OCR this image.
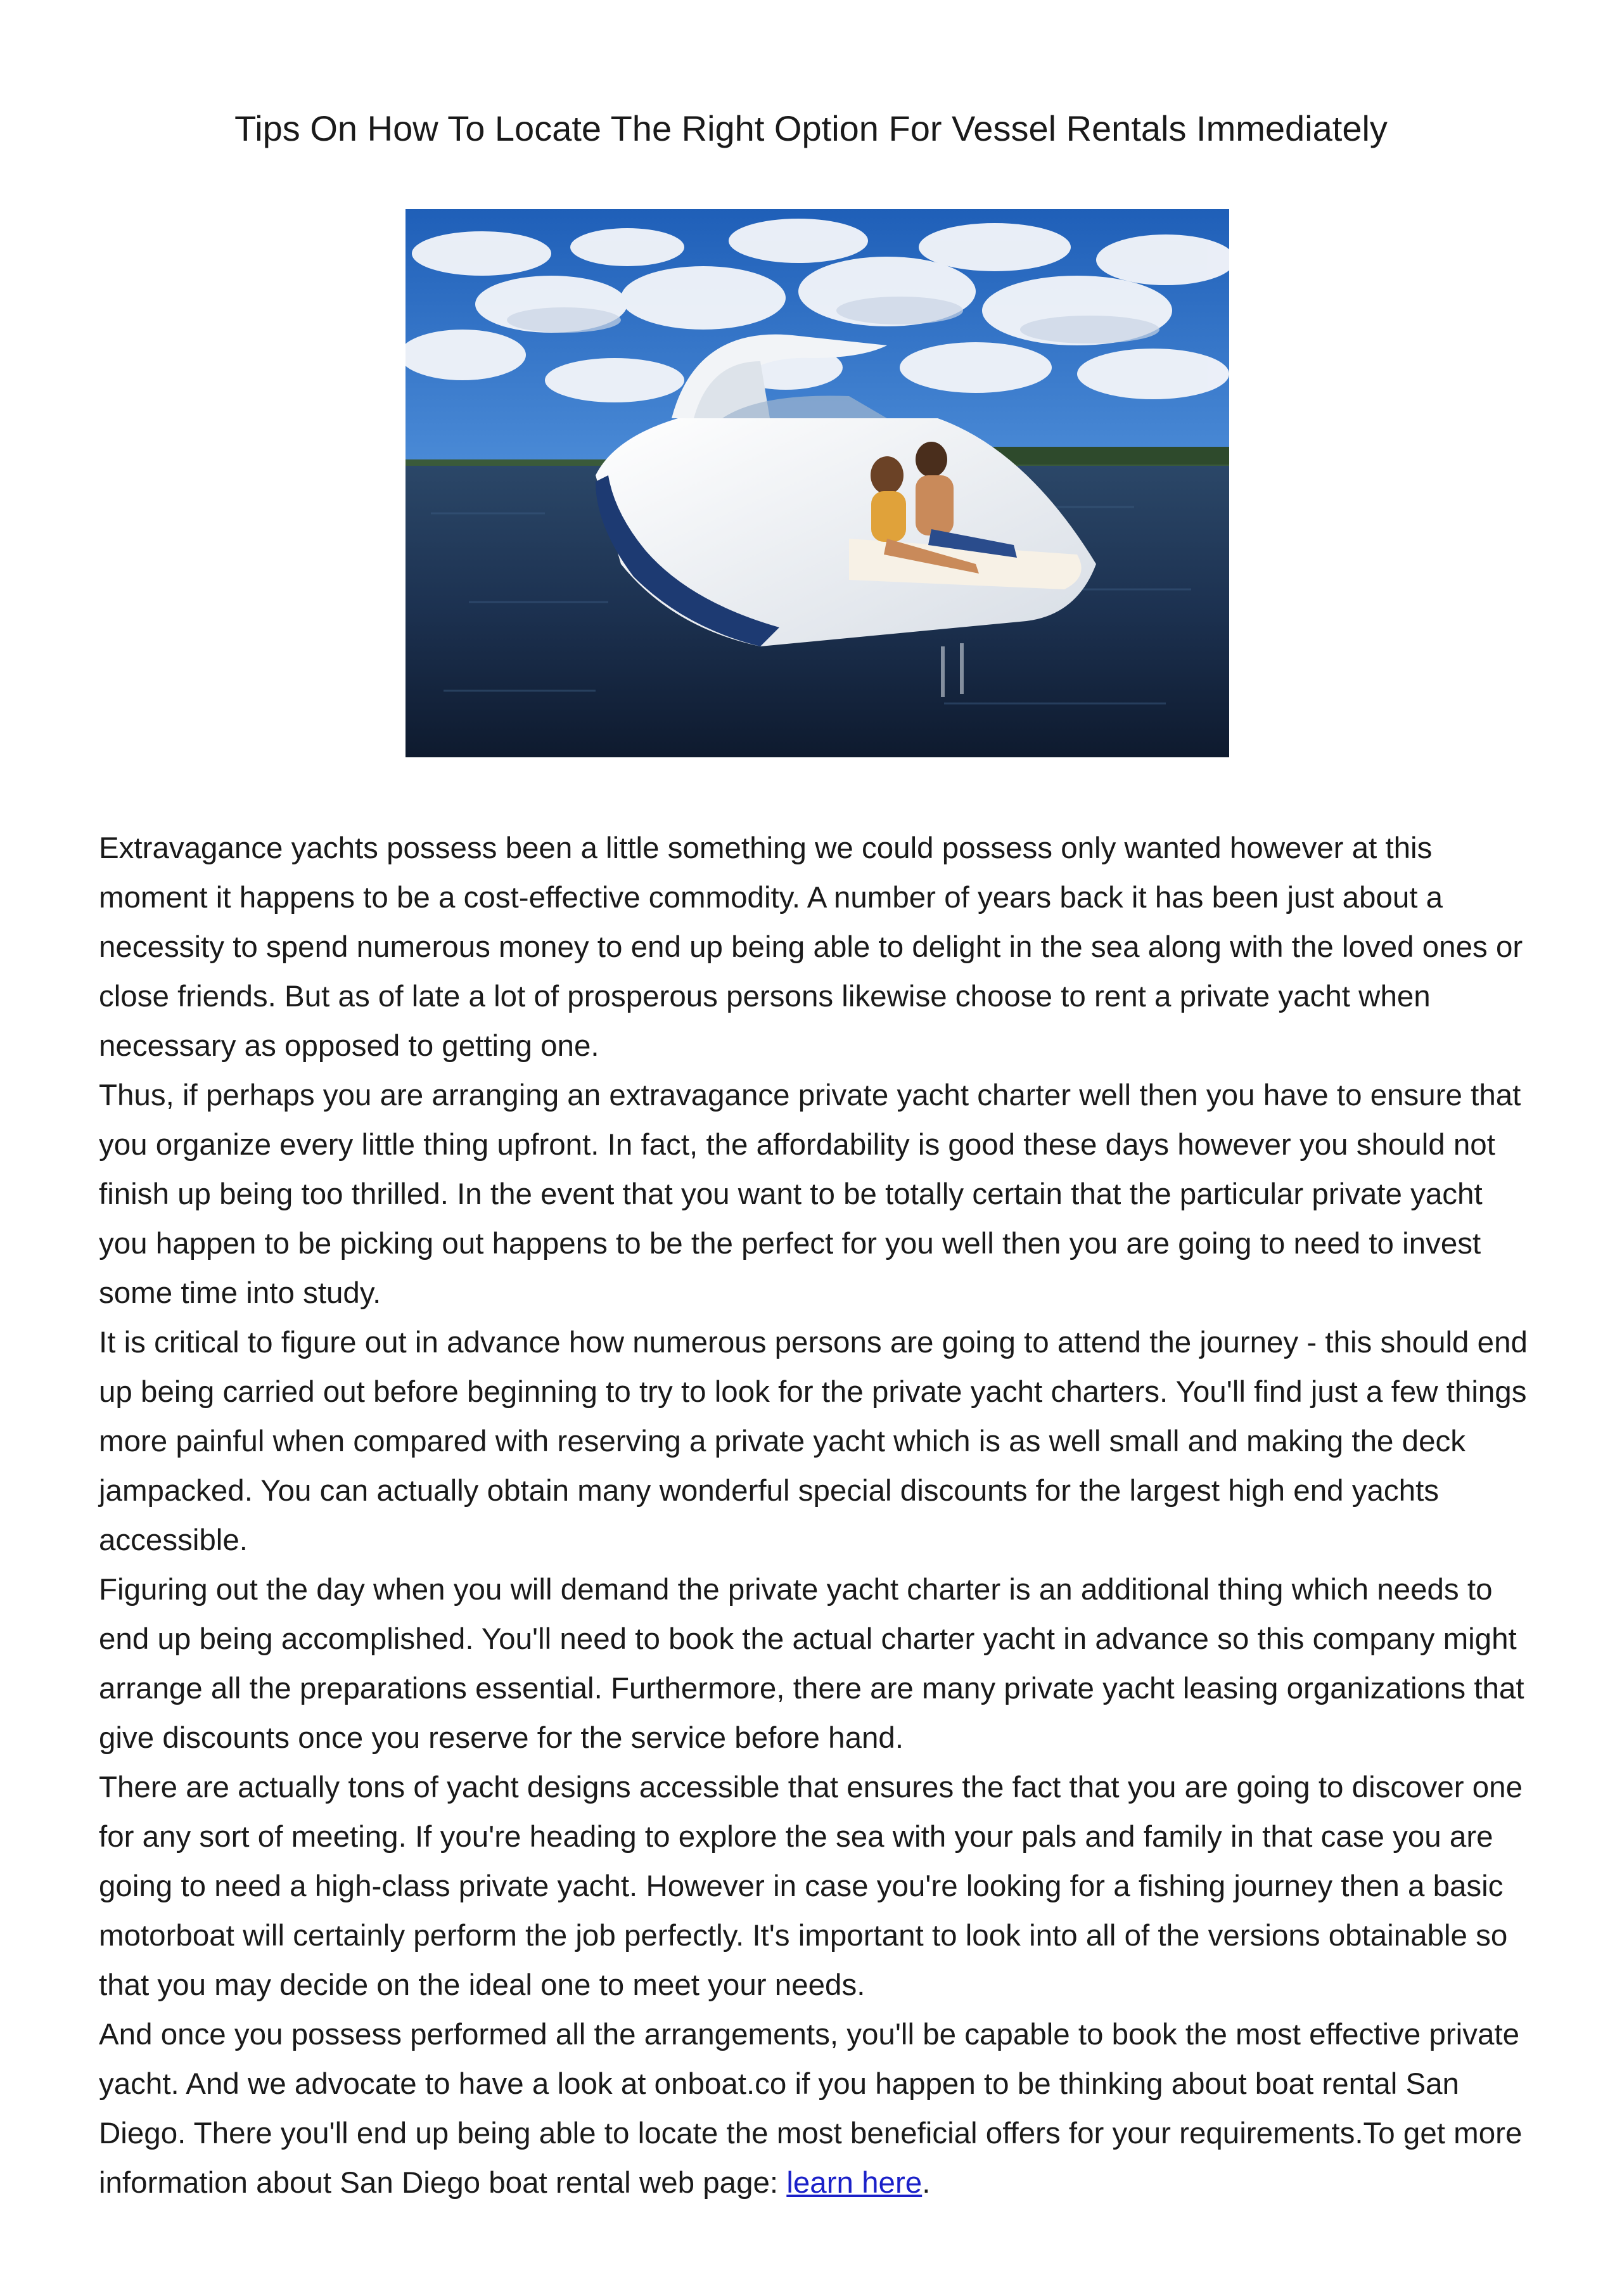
Tips On How To Locate The Right Option For Vessel Rentals Immediately

Extravagance yachts possess been a little something we could possess only wanted however at this moment it happens to be a cost-effective commodity. A number of years back it has been just about a necessity to spend numerous money to end up being able to delight in the sea along with the loved ones or close friends. But as of late a lot of prosperous persons likewise choose to rent a private yacht when necessary as opposed to getting one.

Thus, if perhaps you are arranging an extravagance private yacht charter well then you have to ensure that you organize every little thing upfront. In fact, the affordability is good these days however you should not finish up being too thrilled. In the event that you want to be totally certain that the particular private yacht you happen to be picking out happens to be the perfect for you well then you are going to need to invest some time into study.

It is critical to figure out in advance how numerous persons are going to attend the journey - this should end up being carried out before beginning to try to look for the private yacht charters. You'll find just a few things more painful when compared with reserving a private yacht which is as well small and making the deck jampacked. You can actually obtain many wonderful special discounts for the largest high end yachts accessible.

Figuring out the day when you will demand the private yacht charter is an additional thing which needs to end up being accomplished. You'll need to book the actual charter yacht in advance so this company might arrange all the preparations essential. Furthermore, there are many private yacht leasing organizations that give discounts once you reserve for the service before hand.

There are actually tons of yacht designs accessible that ensures the fact that you are going to discover one for any sort of meeting. If you're heading to explore the sea with your pals and family in that case you are going to need a high-class private yacht. However in case you're looking for a fishing journey then a basic motorboat will certainly perform the job perfectly. It's important to look into all of the versions obtainable so that you may decide on the ideal one to meet your needs.

And once you possess performed all the arrangements, you'll be capable to book the most effective private yacht. And we advocate to have a look at onboat.co if you happen to be thinking about boat rental San Diego. There you'll end up being able to locate the most beneficial offers for your requirements.To get more information about San Diego boat rental web page: learn here.
